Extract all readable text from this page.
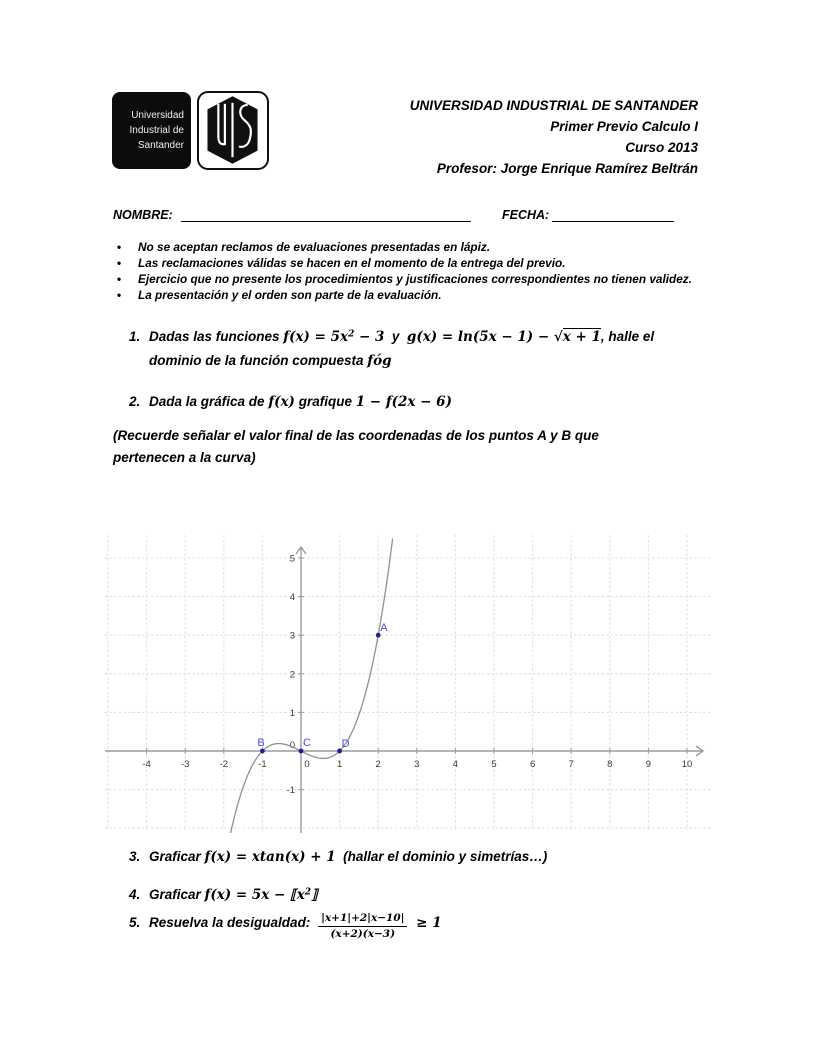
Universidad
Industrial de
Santander
UNIVERSIDAD INDUSTRIAL DE SANTANDER
Primer Previo Calculo I
Curso 2013
Profesor: Jorge Enrique Ramírez Beltrán
NOMBRE:	FECHA:
• No se aceptan reclamos de evaluaciones presentadas en lápiz.
• Las reclamaciones válidas se hacen en el momento de la entrega del previo.
• Ejercicio que no presente los procedimientos y justificaciones correspondientes no tienen validez.
• La presentación y el orden son parte de la evaluación.
1. Dadas las funciones $f(x) = 5x^2 - 3$  y  g(x) = ln(5x − 1) − √x + 1, halle el
dominio de la función compuesta fóg
2. Dada la gráfica de f(x) grafique 1 − f(2x − 6)
(Recuerde señalar el valor final de las coordenadas de los puntos A y B que
pertenecen a la curva)
-4	-3	-2	-1	0	1	2	3	4	5	6	7	8	9	10
-1
0
1
2
3
4
5
A
B	C	D
3. Graficar f(x) = xtan(x) + 1  (hallar el dominio y simetrías…)
4. Graficar $f(x) = 5x - ⟦x^2⟧$
5. Resuelva la desigualdad: $\frac{|x+1|+2|x-10|}{(x+2)(x-3)} \ge 1$
